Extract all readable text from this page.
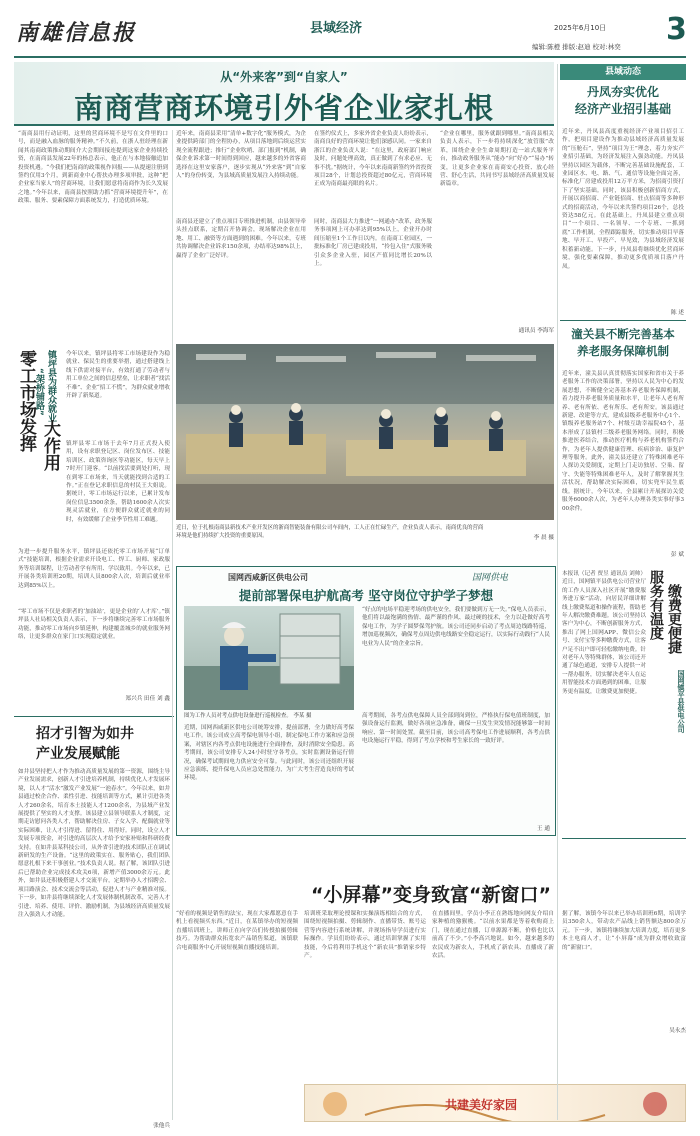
南雄信息报	县域经济	2025年6月10日 3
编辑:陈橙 排版:赵迪 校对:林奕
从“外来客”到“自家人”
南商营商环境引外省企业家扎根
“南商县用行动证明，这里的营商环境不是写在文件里的口号，而是融入血脉的服务精神。”不久前，在浙人驻经理在新闻其南商政策推动期间介大会期间接连提到这家企业持续投资，在南商县发展22年的杨总表示，他正在与本地接触追加投资机遇。“今我们把南商的政策视作回报——从提速注册到签约仅用3个月，到新商业中心帮扶办理多项审批，这种“把企业家当家人”的营商环境，让我们愿意将南商作为长久发展之地。”今年以来，南商县按照助力抓“营商环境提升年”，在政策、服务、要素保障方面系统发力，打造优质环境。
近年来，南商县采用“清单+数字化”服务模式，为企业提供跨部门的全程协办，从项目落地到后续运营实现全流程跟进；推行“企业吹哨、部门报到”机制，确保企业诉求第一时间得到回应，越来越多的外省客商选择在这里安家落户，逐步实现从“外来客”到“自家人”的身份转变，为县域高质量发展注入持续动能。
在签约仪式上，多家外省企业负责人纷纷表示，南商良好的营商环境让他们深感认同。一家来自浙江的企业负责人说：“在这里，政府部门响应及时，问题处理高效，真正做到了有求必应、无事不扰。”据统计，今年以来南商新签约外省投资项目28个，计划总投资超过80亿元，营商环境正成为南商最亮眼的名片。
“企业在哪里，服务就跟到哪里。”南商县相关负责人表示，下一步将持续深化“放管服”改革，围绕企业全生命周期打造一站式服务平台，推动政务服务从“能办”向“好办”“易办”转变，让更多企业家在南商安心投资、放心经营、舒心生活，共同书写县域经济高质量发展新篇章。
南商县还建立了重点项目专班推进机制，由县领导牵头挂点联系，定期召开协调会，现场解决企业在用地、用工、融资等方面遇到的困难。今年以来，专班共协调解决企业诉求150余项，办结率达98%以上，赢得了企业广泛好评。
同时，南商县大力推进“一网通办”改革，政务服务事项网上可办率达到95%以上，企业开办时间压缩至1个工作日以内。在南商工业园区，一批标准化厂房已建成投用，“拎包入住”式服务吸引众多企业入驻，园区产值同比增长20%以上。
通讯员 李海军
近日，位于扎根南商县新技术产业开发区的浙商智能装备有限公司车间内，工人正在忙碌生产，企业负责人表示，南商优良的营商环境是他们持续扩大投资的重要原因。	李 晨 摄
镇坪县为群众就业
“架桥铺路”
零工市场发挥 大作用
今年以来，镇坪县将零工市场建设作为稳就业、保民生的重要举措，通过搭建线上线下供需对接平台，有效打通了劳动者与用工单位之间的信息壁垒，让求职者“找活不难”、企业“招工不慌”，为群众就业增收开辟了新渠道。
镇坪县零工市场于去年7月正式投入使用，设有求职登记区、岗位发布区、技能培训区、政策咨询区等功能区，每天早上7时开门迎客。“以前找活要到处打听，现在到零工市场来，当天就能找到合适的工作。”正在登记求职信息的村民王大姐说。据统计，零工市场运行以来，已累计发布岗位信息3500余条，帮助1600余人次实现灵活就业，在方便群众就近就业的同时，有效缓解了企业季节性用工难题。
为进一步提升服务水平，镇坪县还依托零工市场开展“订单式”技能培训，根据企业需求开设电工、焊工、厨师、家政服务等培训课程，让劳动者学有所用、学以致用。今年以来，已开展各类培训班20期，培训人员800余人次，培训后就业率达到85%以上。
“零工市场不仅是求职者的‘加油站’，更是企业的‘人才库’。”镇坪县人社局相关负责人表示，下一步将继续完善零工市场服务功能，推动零工市场向乡镇延伸，构建覆盖城乡的就业服务网络，让更多群众在家门口实现稳定就业。
郑兴兵 田佳 刘 鑫
招才引智为如井
产业发展赋能
如井县坚持把人才作为推动高质量发展的第一资源，围绕主导产业发展需求，创新人才引进培养机制，持续优化人才发展环境，以人才“活水”激发产业发展“一池春水”。今年以来，如井县通过校企合作、柔性引进、技能培训等方式，累计引进各类人才260余名，培育本土技能人才1200余名，为县域产业发展提供了坚实的人才支撑。该县建立县领导联系人才制度，定期走访慰问各类人才，帮助解决住房、子女入学、配偶就业等实际困难，让人才引得进、留得住、用得好。同时，设立人才发展专项资金，对引进的高层次人才给予安家补贴和科研经费支持。在如井县某科技公司，从外省引进的技术团队正在调试新研发的生产设备。“这里的政策实在、服务贴心，我们团队愿意扎根下来干事创业。”技术负责人说。据了解，该团队引进后已帮助企业完成技术攻关6项，新增产值3000余万元。此外，如井县还积极搭建人才交流平台，定期举办人才招聘会、项目路演会、技术交流会等活动，促进人才与产业精准对接。下一步，如井县将继续深化人才发展体制机制改革，完善人才引进、培养、使用、评价、激励机制，为县域经济高质量发展注入强劲人才动能。
张他兵
县域动态
丹凤夯实优化
经济产业招引基础
近年来，丹凤县高度重视经济产业项目招引工作，把项目建设作为推动县域经济高质量发展的“压舱石”，坚持“项目为王”理念，着力夯实产业招引基础，为经济发展注入强劲动能。丹凤县坚持以园区为载体，不断完善基础设施配套，工业园区水、电、路、气、通信等设施全面完善，标准化厂房建成投用12万平方米，为招商引资打下了坚实基础。同时，该县积极创新招商方式，开展以商招商、产业链招商、驻点招商等多种形式的招商活动，今年以来共签约项目26个，总投资达58亿元。在此基础上，丹凤县建立重点项目“一个项目、一名领导、一个专班、一抓到底”工作机制，全程跟踪服务，切实推动项目早落地、早开工、早投产、早见效，为县域经济发展积蓄新动能。下一步，丹凤县将继续优化营商环境，强化要素保障，推动更多优质项目落户丹凤。
陈 述
潼关县不断完善基本
养老服务保障机制
近年来，潼关县认真贯彻落实国家和省市关于养老服务工作的决策部署，坚持以人民为中心的发展思想，不断健全完善基本养老服务保障机制，着力提升养老服务质量和水平，让老年人老有所养、老有所依、老有所乐、老有所安。该县通过新建、改建等方式，建成县级养老服务中心1个、镇级养老服务站7个、村级互助幸福院45个，基本形成了县镇村三级养老服务网络。同时，积极推进医养结合，推动医疗机构与养老机构签约合作，为老年人提供健康管理、疾病诊治、康复护理等服务。此外，潼关县还建立了特殊困难老年人探访关爱制度，定期上门走访独居、空巢、留守、失能等特殊困难老年人，及时了解掌握其生活状况，帮助解决实际困难，切实兜牢民生底线。据统计，今年以来，全县累计开展探访关爱服务6000余人次，为老年人办理各类实事好事300余件。
彭 斌
国网西咸新区供电公司	国网供电
提前部署保电护航高考 坚守岗位守护学子梦想
图为工作人员对考点供电设备进行巡视检查。 李某 摄
近期，国网西咸新区供电公司统筹安排，提前部署，全力做好高考保电工作。该公司成立高考保电领导小组，制定保电工作方案和应急预案，对辖区内各考点供电设施进行全面排查，及时消除安全隐患。高考期间，该公司安排专人24小时驻守各考点，实时监测设备运行情况，确保考试期间电力供应安全可靠。与此同时，该公司还组织开展应急演练，提升保电人员应急处置能力，为广大考生营造良好的考试环境。
“好点的电场平稳迎考场的供电安全，我们要做到万无一失。”保电人员表示，他们将以最饱满的热情、最严谨的作风、最过硬的技术，全力以赴做好高考保电工作，为学子圆梦保驾护航。该公司还同步启动了考点周边线路特巡，增加巡视频次，确保考点周边供电线路安全稳定运行，以实际行动践行“人民电业为人民”的企业宗旨。
高考期间，各考点供电保障人员全部到岗到位，严格执行保电值班制度，加强设备运行监测，做好各项应急准备，确保一旦发生突发情况能够第一时间响应、第一时间处置。截至目前，该公司高考保电工作进展顺利，各考点供电设施运行平稳，得到了考点学校和考生家长的一致好评。
王 通
服务有温度 缴费更便捷
国网镇平县供电公司
本报讯（记者 贾昱 通讯员 刘帅）近日，国网镇平县供电公司营业厅的工作人员深入社区开展“缴费服务进万家”活动，向居民详细讲解线上缴费渠道和操作流程，帮助老年人解决缴费难题。该公司坚持以客户为中心，不断创新服务方式，推出了网上国网APP、微信公众号、支付宝等多种缴费方式，让客户足不出户即可轻松缴纳电费。针对老年人等特殊群体，该公司还开通了绿色通道，安排专人提供一对一帮办服务，切实解决老年人在运用智能技术方面遇到的困难，让服务更有温度，让缴费更加便捷。
“小屏幕”变身致富“新窗口”
“好看的视频是销售的法宝，现在大家都愿意在手机上看视频买东西。”近日，在某镇举办的短视频直播培训班上，讲师正在向学员们传授拍摄剪辑技巧。为帮助群众拓宽农产品销售渠道，该镇联合电商服务中心开展短视频直播技能培训。
培训班采取理论授课和实操演练相结合的方式，围绕短视频拍摄、剪辑制作、直播带货、账号运营等内容进行系统讲解，并现场指导学员进行实际操作。学员们纷纷表示，通过培训掌握了实用技能，今后将利用手机这个“新农具”推销家乡特产。
在直播间里，学员小李正在熟练地向网友介绍自家种植的猕猴桃。“以前水果都是等着收购商上门，现在通过直播，订单源源不断，价格也比以前高了不少。”小李高兴地说。如今，越来越多的农民成为新农人，手机成了新农具、直播成了新农活。
据了解，该镇今年以来已举办培训班6期，培训学员350余人，带动农产品线上销售额达800余万元。下一步，该镇将继续加大培训力度，培育更多本土电商人才，让“小屏幕”成为群众增收致富的“新窗口”。
吴永杰
共建美好家园
